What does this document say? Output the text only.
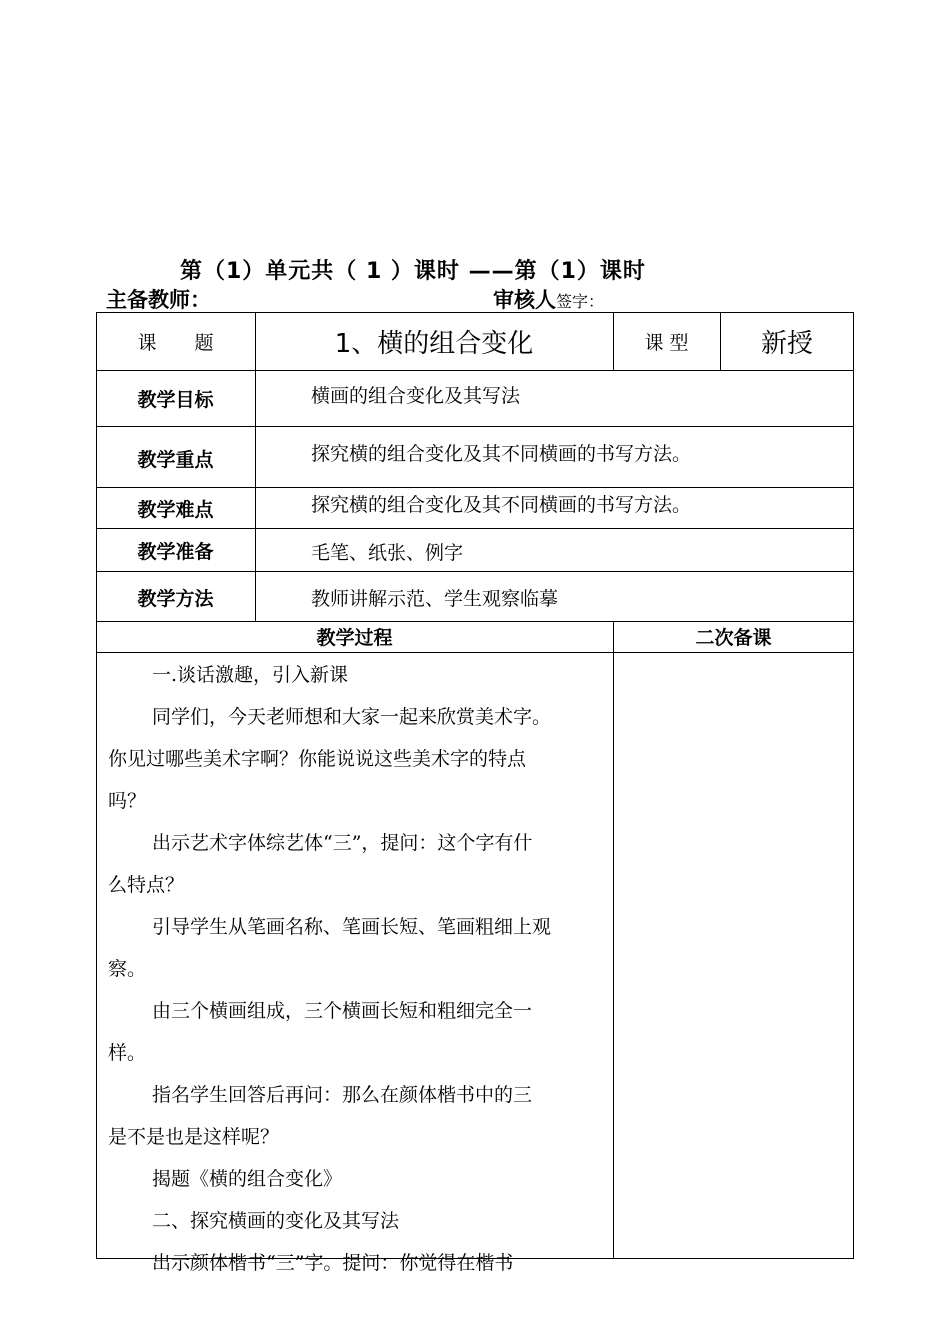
第（1）单元共（ 1 ）课时 ——第（1）课时
主备教师：	审核人签字：
课　　题	1、横的组合变化	课 型	新授
教学目标	横画的组合变化及其写法
教学重点	探究横的组合变化及其不同横画的书写方法。
教学难点	探究横的组合变化及其不同横画的书写方法。
教学准备	毛笔、纸张、例字
教学方法	教师讲解示范、学生观察临摹
教学过程	二次备课

一.谈话激趣，引入新课

同学们，今天老师想和大家一起来欣赏美术字。

你见过哪些美术字啊？你能说说这些美术字的特点

吗？

出示艺术字体综艺体“三”，提问：这个字有什

么特点？

引导学生从笔画名称、笔画长短、笔画粗细上观

察。

由三个横画组成，三个横画长短和粗细完全一

样。

指名学生回答后再问：那么在颜体楷书中的三

是不是也是这样呢？

揭题《横的组合变化》

二、探究横画的变化及其写法

出示颜体楷书“三”字。提问：你觉得在楷书
